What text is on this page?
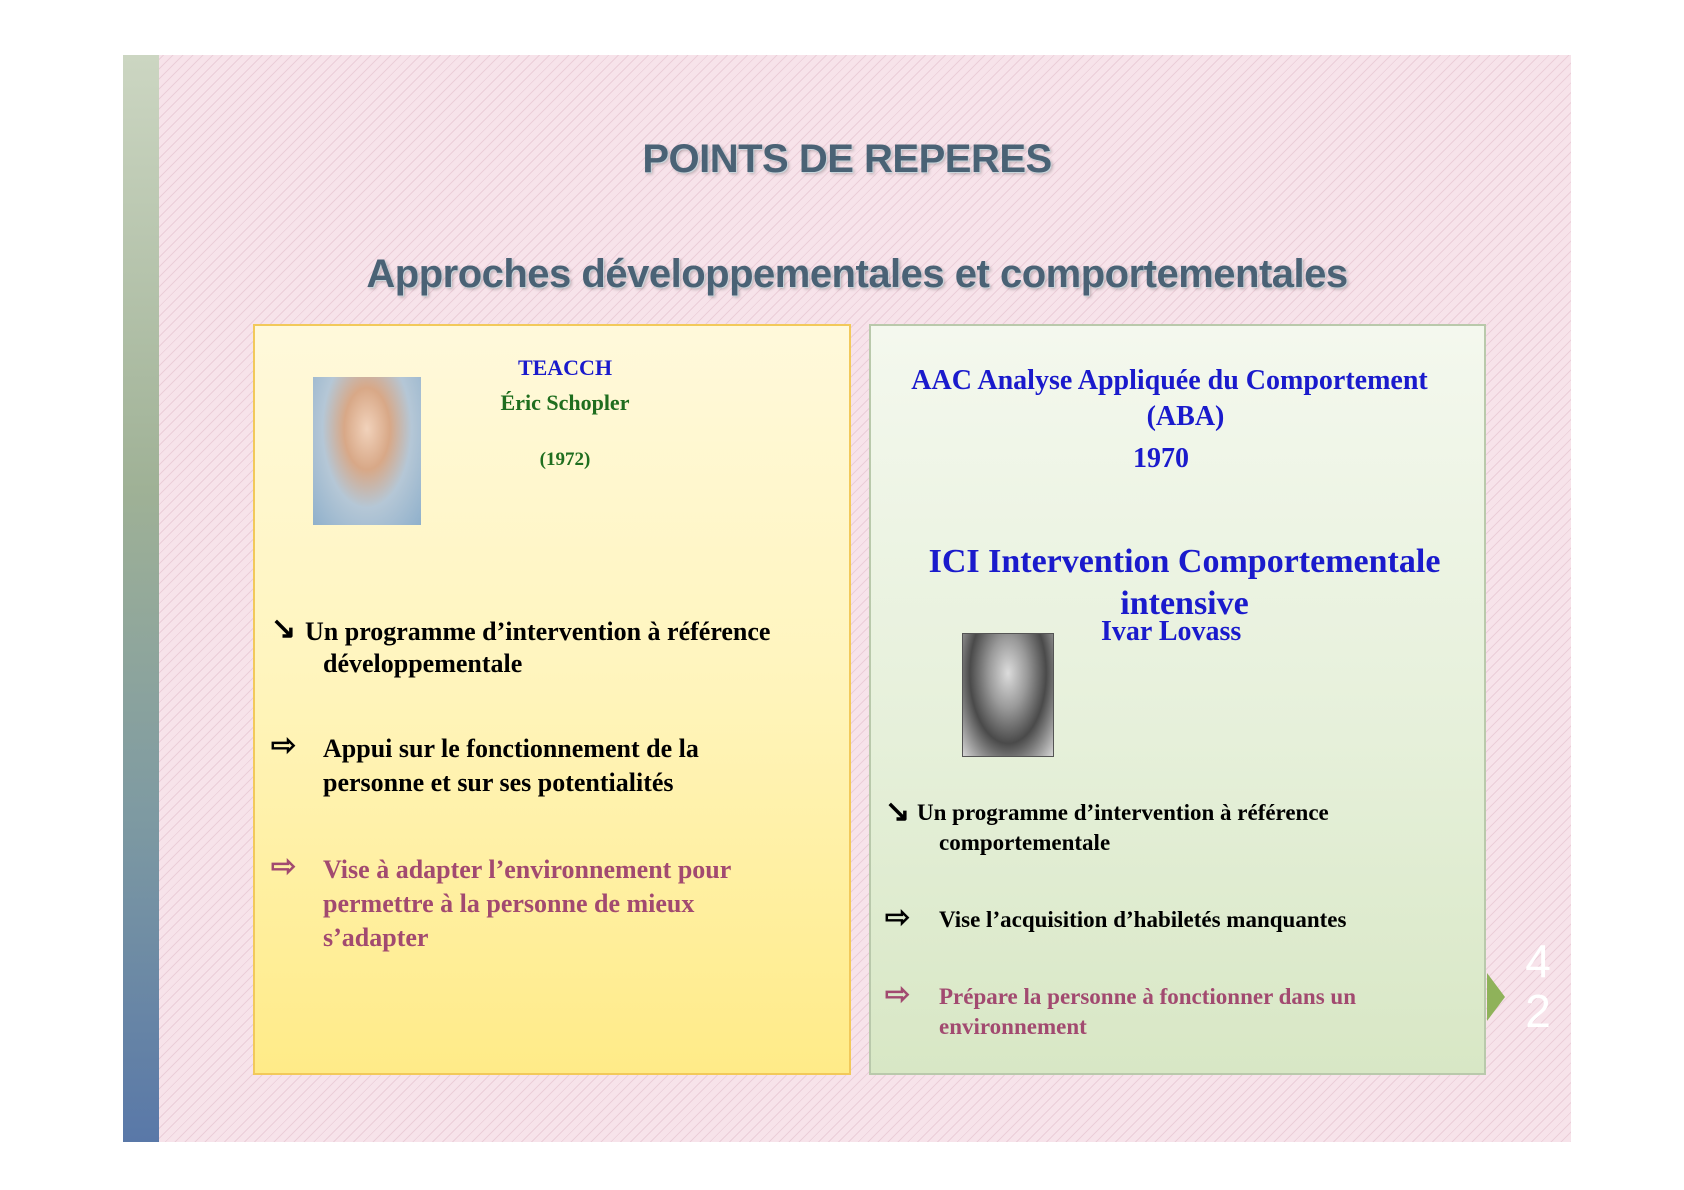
POINTS DE REPERES
Approches développementales et comportementales
TEACCH
Éric Schopler
(1972)
↘ Un programme d’intervention à référence
développementale
⇨ Appui sur le fonctionnement de la
personne et sur ses potentialités
⇨ Vise à adapter l’environnement pour
permettre à la personne de mieux
s’adapter
AAC Analyse Appliquée du Comportement
(ABA)
1970
ICI Intervention Comportementale
intensive
Ivar Lovass
↘ Un programme d’intervention à référence
comportementale
⇨ Vise l’acquisition d’habiletés manquantes
⇨ Prépare la personne à fonctionner dans un
environnement
4
2
